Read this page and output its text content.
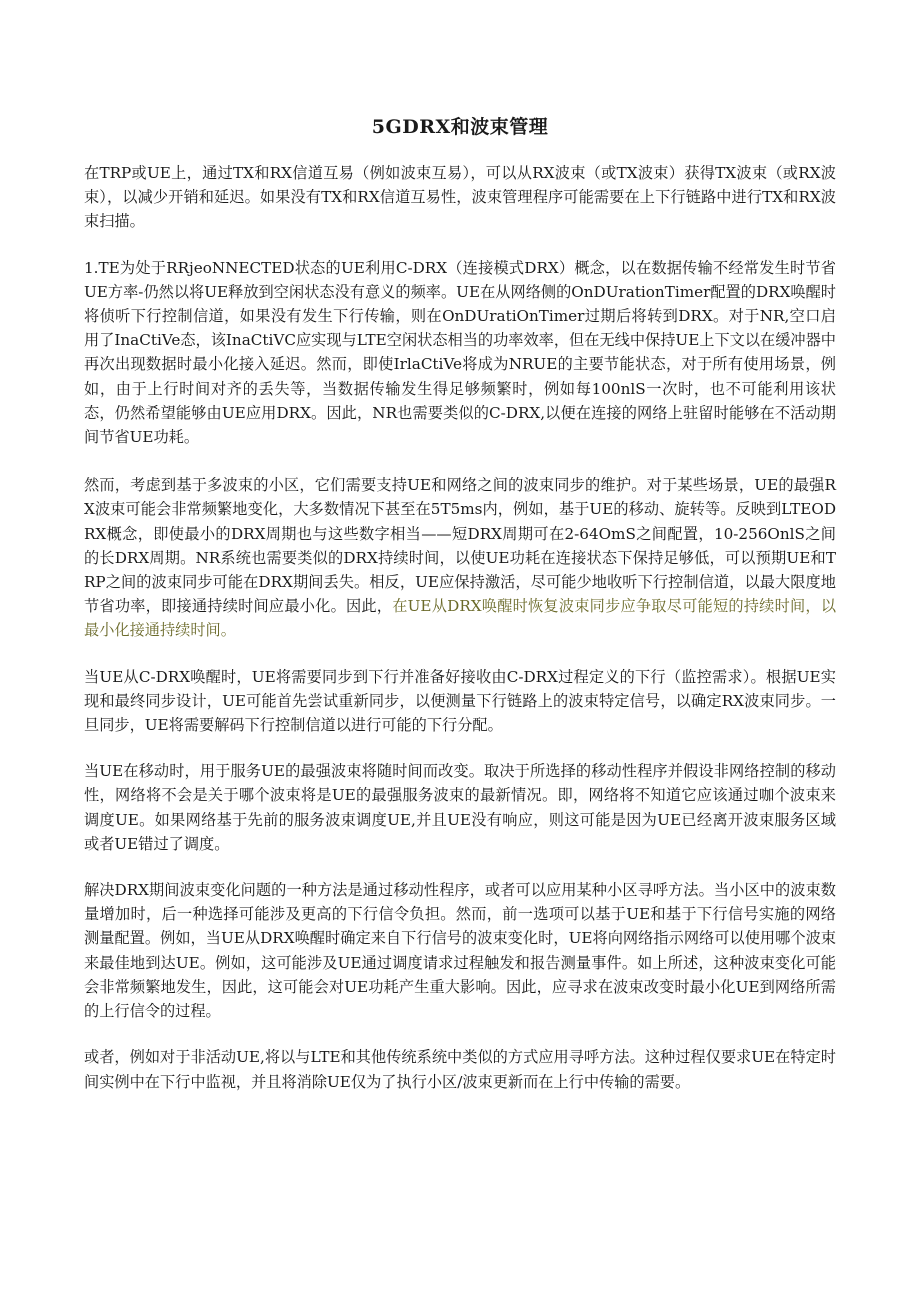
5GDRX和波束管理

在TRP或UE上，通过TX和RX信道互易（例如波束互易），可以从RX波束（或TX波束）获得TX波束（或RX波束），以减少开销和延迟。如果没有TX和RX信道互易性，波束管理程序可能需要在上下行链路中进行TX和RX波束扫描。

1.TE为处于RRjeoNNECTED状态的UE利用C-DRX（连接模式DRX）概念，以在数据传输不经常发生时节省UE方率-仍然以将UE释放到空闲状态没有意义的频率。UE在从网络侧的OnDUrationTimer配置的DRX唤醒时将侦听下行控制信道，如果没有发生下行传输，则在OnDUratiOnTimer过期后将转到DRX。对于NR,空口启用了InaCtiVe态，该InaCtiVC应实现与LTE空闲状态相当的功率效率，但在无线中保持UE上下文以在缓冲器中再次出现数据时最小化接入延迟。然而，即使IrlaCtiVe将成为NRUE的主要节能状态，对于所有使用场景，例如，由于上行时间对齐的丢失等，当数据传输发生得足够频繁时，例如每100nlS一次时，也不可能利用该状态，仍然希望能够由UE应用DRX。因此，NR也需要类似的C-DRX,以便在连接的网络上驻留时能够在不活动期间节省UE功耗。

然而，考虑到基于多波束的小区，它们需要支持UE和网络之间的波束同步的维护。对于某些场景，UE的最强RX波束可能会非常频繁地变化，大多数情况下甚至在5T5ms内，例如，基于UE的移动、旋转等。反映到LTEODRX概念，即使最小的DRX周期也与这些数字相当——短DRX周期可在2-64OmS之间配置，10-256OnlS之间的长DRX周期。NR系统也需要类似的DRX持续时间，以使UE功耗在连接状态下保持足够低，可以预期UE和TRP之间的波束同步可能在DRX期间丢失。相反，UE应保持激活，尽可能少地收听下行控制信道，以最大限度地节省功率，即接通持续时间应最小化。因此，在UE从DRX唤醒时恢复波束同步应争取尽可能短的持续时间，以最小化接通持续时间。

当UE从C-DRX唤醒时，UE将需要同步到下行并准备好接收由C-DRX过程定义的下行（监控需求）。根据UE实现和最终同步设计，UE可能首先尝试重新同步，以便测量下行链路上的波束特定信号，以确定RX波束同步。一旦同步，UE将需要解码下行控制信道以进行可能的下行分配。

当UE在移动时，用于服务UE的最强波束将随时间而改变。取决于所选择的移动性程序并假设非网络控制的移动性，网络将不会是关于哪个波束将是UE的最强服务波束的最新情况。即，网络将不知道它应该通过咖个波束来调度UE。如果网络基于先前的服务波束调度UE,并且UE没有响应，则这可能是因为UE已经离开波束服务区域或者UE错过了调度。

解决DRX期间波束变化问题的一种方法是通过移动性程序，或者可以应用某种小区寻呼方法。当小区中的波束数量增加时，后一种选择可能涉及更高的下行信令负担。然而，前一选项可以基于UE和基于下行信号实施的网络测量配置。例如，当UE从DRX唤醒时确定来自下行信号的波束变化时，UE将向网络指示网络可以使用哪个波束来最佳地到达UE。例如，这可能涉及UE通过调度请求过程触发和报告测量事件。如上所述，这种波束变化可能会非常频繁地发生，因此，这可能会对UE功耗产生重大影响。因此，应寻求在波束改变时最小化UE到网络所需的上行信令的过程。

或者，例如对于非活动UE,将以与LTE和其他传统系统中类似的方式应用寻呼方法。这种过程仅要求UE在特定时间实例中在下行中监视，并且将消除UE仅为了执行小区/波束更新而在上行中传输的需要。
